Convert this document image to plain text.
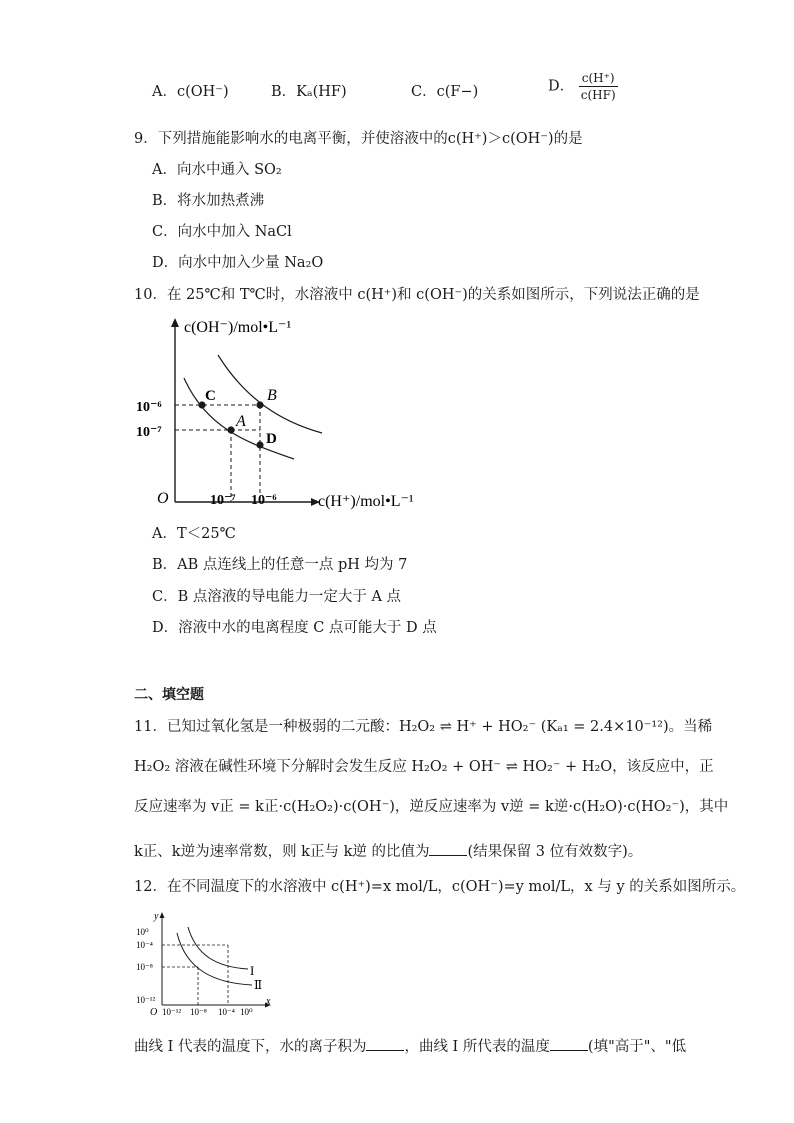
A．c(OH⁻)	B．Kₐ(HF)	C．c(F−)	D． $\frac{c(H^+)}{c(HF)}$
9．下列措施能影响水的电离平衡，并使溶液中的c(H⁺)＞c(OH⁻)的是
A．向水中通入 SO₂
B．将水加热煮沸
C．向水中加入 NaCl
D．向水中加入少量 Na₂O
10．在 25℃和 T℃时，水溶液中 c(H⁺)和 c(OH⁻)的关系如图所示，下列说法正确的是
C	B
A
D
c(OH⁻)/mol•L⁻¹
c(H⁺)/mol•L⁻¹
10⁻⁶
10⁻⁷
10⁻⁷ 10⁻⁶
O
A．T＜25℃
B．AB 点连线上的任意一点 pH 均为 7
C．B 点溶液的导电能力一定大于 A 点
D．溶液中水的电离程度 C 点可能大于 D 点
二、填空题
11．已知过氧化氢是一种极弱的二元酸：H₂O₂ ⇌ H⁺ + HO₂⁻ (Kₐ₁ = 2.4×10⁻¹²)。当稀
H₂O₂ 溶液在碱性环境下分解时会发生反应 H₂O₂ + OH⁻ ⇌ HO₂⁻ + H₂O，该反应中，正
反应速率为 v正 = k正·c(H₂O₂)·c(OH⁻)，逆反应速率为 v逆 = k逆·c(H₂O)·c(HO₂⁻)，其中
k正、k逆为速率常数，则 k正与 k逆 的比值为	(结果保留 3 位有效数字)。
12．在不同温度下的水溶液中 c(H⁺)=x mol/L，c(OH⁻)=y mol/L，x 与 y 的关系如图所示。
I
Ⅱ
y
x
10⁰
10⁻⁴
10⁻⁸
10⁻¹²
O 10⁻¹² 10⁻⁸ 10⁻⁴ 10⁰
曲线 I 代表的温度下，水的离子积为	，曲线 I 所代表的温度	(填"高于"、"低
